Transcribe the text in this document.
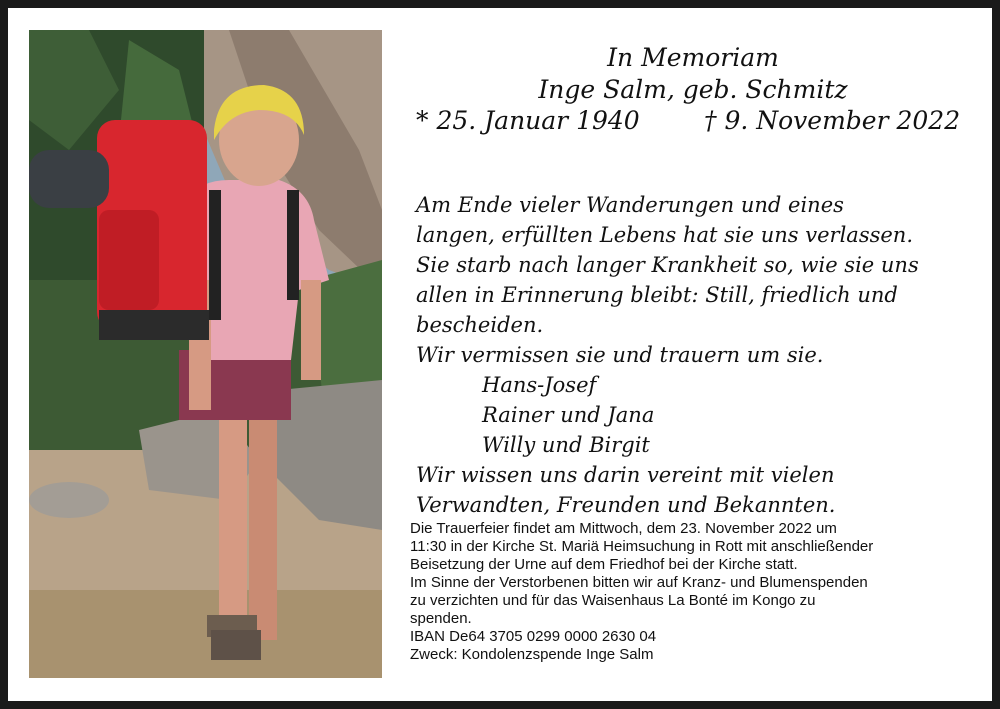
In Memoriam
Inge Salm, geb. Schmitz
* 25. Januar 1940	† 9. November 2022
Am Ende vieler Wanderungen und eines
langen, erfüllten Lebens hat sie uns verlassen.
Sie starb nach langer Krankheit so, wie sie uns
allen in Erinnerung bleibt: Still, friedlich und
bescheiden.
Wir vermissen sie und trauern um sie.
Hans-Josef
Rainer und Jana
Willy und Birgit
Wir wissen uns darin vereint mit vielen
Verwandten, Freunden und Bekannten.
Die Trauerfeier findet am Mittwoch, dem 23. November 2022 um
11:30 in der Kirche St. Mariä Heimsuchung in Rott mit anschließender
Beisetzung der Urne auf dem Friedhof bei der Kirche statt.
Im Sinne der Verstorbenen bitten wir auf Kranz- und Blumenspenden
zu verzichten und für das Waisenhaus La Bonté im Kongo zu
spenden.
IBAN De64 3705 0299 0000 2630 04
Zweck: Kondolenzspende Inge Salm
